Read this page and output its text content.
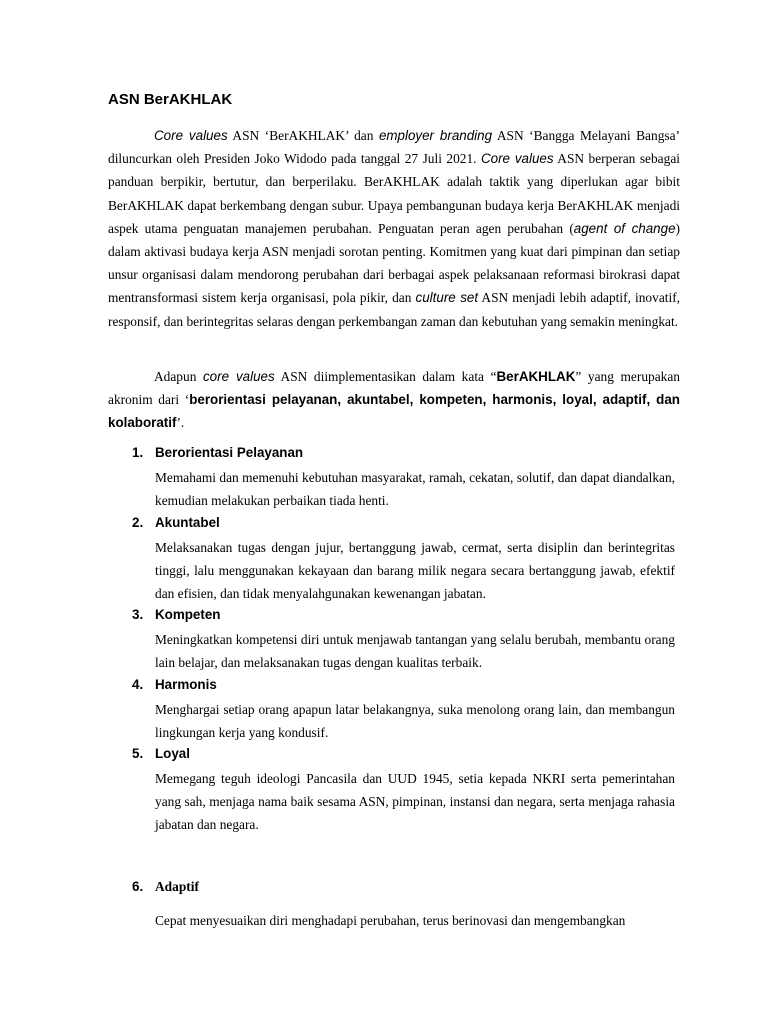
ASN BerAKHLAK

Core values ASN ‘BerAKHLAK’ dan employer branding ASN ‘Bangga Melayani Bangsa’ diluncurkan oleh Presiden Joko Widodo pada tanggal 27 Juli 2021. Core values ASN berperan sebagai panduan berpikir, bertutur, dan berperilaku. BerAKHLAK adalah taktik yang diperlukan agar bibit BerAKHLAK dapat berkembang dengan subur. Upaya pembangunan budaya kerja BerAKHLAK menjadi aspek utama penguatan manajemen perubahan. Penguatan peran agen perubahan (agent of change) dalam aktivasi budaya kerja ASN menjadi sorotan penting. Komitmen yang kuat dari pimpinan dan setiap unsur organisasi dalam mendorong perubahan dari berbagai aspek pelaksanaan reformasi birokrasi dapat mentransformasi sistem kerja organisasi, pola pikir, dan culture set ASN menjadi lebih adaptif, inovatif, responsif, dan berintegritas selaras dengan perkembangan zaman dan kebutuhan yang semakin meningkat.

Adapun core values ASN diimplementasikan dalam kata “BerAKHLAK” yang merupakan akronim dari ‘berorientasi pelayanan, akuntabel, kompeten, harmonis, loyal, adaptif, dan kolaboratif’.

1. Berorientasi Pelayanan

Memahami dan memenuhi kebutuhan masyarakat, ramah, cekatan, solutif, dan dapat diandalkan, kemudian melakukan perbaikan tiada henti.

2. Akuntabel

Melaksanakan tugas dengan jujur, bertanggung jawab, cermat, serta disiplin dan berintegritas tinggi, lalu menggunakan kekayaan dan barang milik negara secara bertanggung jawab, efektif dan efisien, dan tidak menyalahgunakan kewenangan jabatan.

3. Kompeten

Meningkatkan kompetensi diri untuk menjawab tantangan yang selalu berubah, membantu orang lain belajar, dan melaksanakan tugas dengan kualitas terbaik.

4. Harmonis

Menghargai setiap orang apapun latar belakangnya, suka menolong orang lain, dan membangun lingkungan kerja yang kondusif.

5. Loyal

Memegang teguh ideologi Pancasila dan UUD 1945, setia kepada NKRI serta pemerintahan yang sah, menjaga nama baik sesama ASN, pimpinan, instansi dan negara, serta menjaga rahasia jabatan dan negara.

6. Adaptif

Cepat menyesuaikan diri menghadapi perubahan, terus berinovasi dan mengembangkan
